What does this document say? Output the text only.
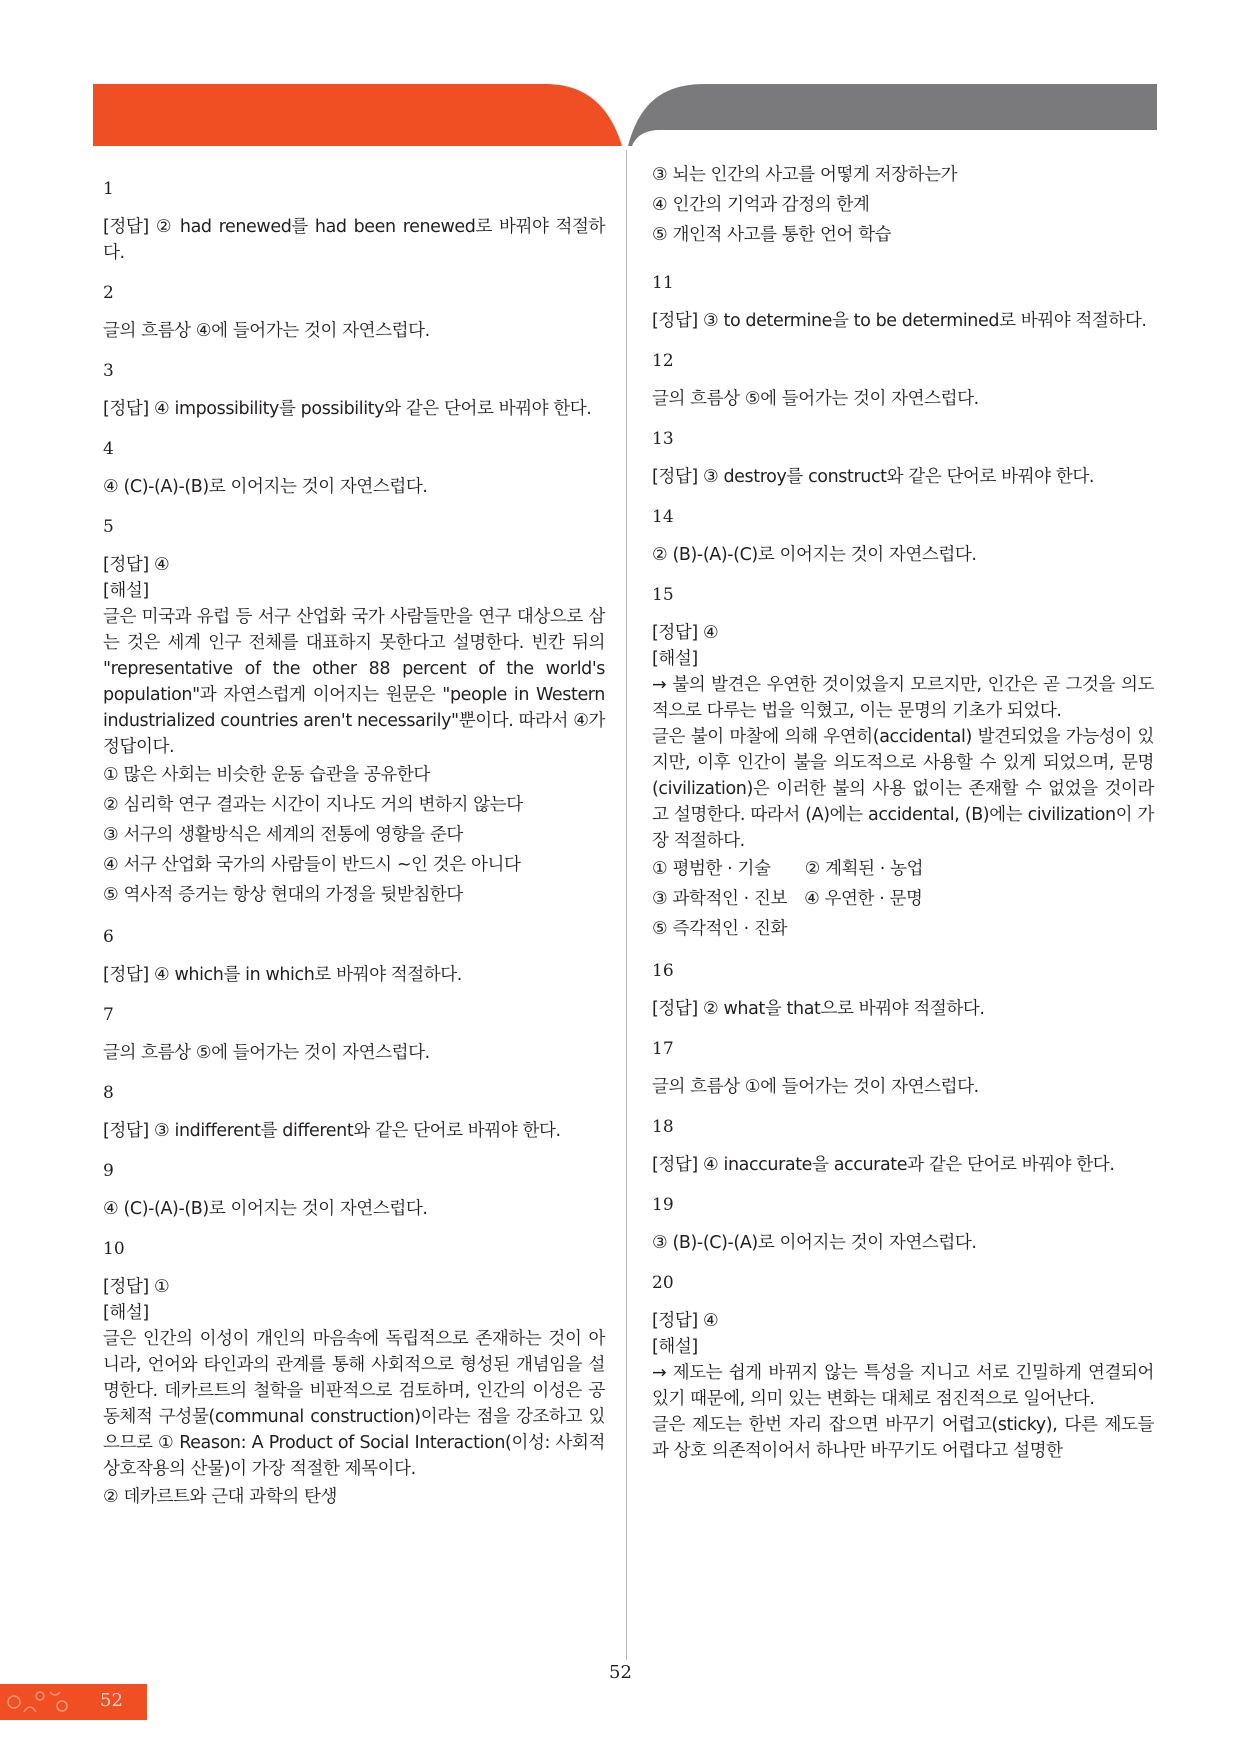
1

[정답] ② had renewed를 had been renewed로 바꿔야 적절하다.

2

글의 흐름상 ④에 들어가는 것이 자연스럽다.

3

[정답] ④ impossibility를 possibility와 같은 단어로 바꿔야 한다.

4

④ (C)-(A)-(B)로 이어지는 것이 자연스럽다.

5

[정답] ④

[해설]

글은 미국과 유럽 등 서구 산업화 국가 사람들만을 연구 대상으로 삼는 것은 세계 인구 전체를 대표하지 못한다고 설명한다. 빈칸 뒤의 "representative of the other 88 percent of the world's population"과 자연스럽게 이어지는 원문은 "people in Western industrialized countries aren't necessarily"뿐이다. 따라서 ④가 정답이다.

① 많은 사회는 비슷한 운동 습관을 공유한다

② 심리학 연구 결과는 시간이 지나도 거의 변하지 않는다

③ 서구의 생활방식은 세계의 전통에 영향을 준다

④ 서구 산업화 국가의 사람들이 반드시 ~인 것은 아니다

⑤ 역사적 증거는 항상 현대의 가정을 뒷받침한다

6

[정답] ④ which를 in which로 바꿔야 적절하다.

7

글의 흐름상 ⑤에 들어가는 것이 자연스럽다.

8

[정답] ③ indifferent를 different와 같은 단어로 바꿔야 한다.

9

④ (C)-(A)-(B)로 이어지는 것이 자연스럽다.

10

[정답] ①

[해설]

글은 인간의 이성이 개인의 마음속에 독립적으로 존재하는 것이 아니라, 언어와 타인과의 관계를 통해 사회적으로 형성된 개념임을 설명한다. 데카르트의 철학을 비판적으로 검토하며, 인간의 이성은 공동체적 구성물(communal construction)이라는 점을 강조하고 있으므로 ① Reason: A Product of Social Interaction(이성: 사회적 상호작용의 산물)이 가장 적절한 제목이다.

② 데카르트와 근대 과학의 탄생

③ 뇌는 인간의 사고를 어떻게 저장하는가

④ 인간의 기억과 감정의 한계

⑤ 개인적 사고를 통한 언어 학습

11

[정답] ③ to determine을 to be determined로 바꿔야 적절하다.

12

글의 흐름상 ⑤에 들어가는 것이 자연스럽다.

13

[정답] ③ destroy를 construct와 같은 단어로 바꿔야 한다.

14

② (B)-(A)-(C)로 이어지는 것이 자연스럽다.

15

[정답] ④

[해설]

→ 불의 발견은 우연한 것이었을지 모르지만, 인간은 곧 그것을 의도적으로 다루는 법을 익혔고, 이는 문명의 기초가 되었다.

글은 불이 마찰에 의해 우연히(accidental) 발견되었을 가능성이 있지만, 이후 인간이 불을 의도적으로 사용할 수 있게 되었으며, 문명(civilization)은 이러한 불의 사용 없이는 존재할 수 없었을 것이라고 설명한다. 따라서 (A)에는 accidental, (B)에는 civilization이 가장 적절하다.

① 평범한 · 기술　　② 계획된 · 농업

③ 과학적인 · 진보　④ 우연한 · 문명

⑤ 즉각적인 · 진화

16

[정답] ② what을 that으로 바꿔야 적절하다.

17

글의 흐름상 ①에 들어가는 것이 자연스럽다.

18

[정답] ④ inaccurate을 accurate과 같은 단어로 바꿔야 한다.

19

③ (B)-(C)-(A)로 이어지는 것이 자연스럽다.

20

[정답] ④

[해설]

→ 제도는 쉽게 바뀌지 않는 특성을 지니고 서로 긴밀하게 연결되어 있기 때문에, 의미 있는 변화는 대체로 점진적으로 일어난다.

글은 제도는 한번 자리 잡으면 바꾸기 어렵고(sticky), 다른 제도들과 상호 의존적이어서 하나만 바꾸기도 어렵다고 설명한

52
52
